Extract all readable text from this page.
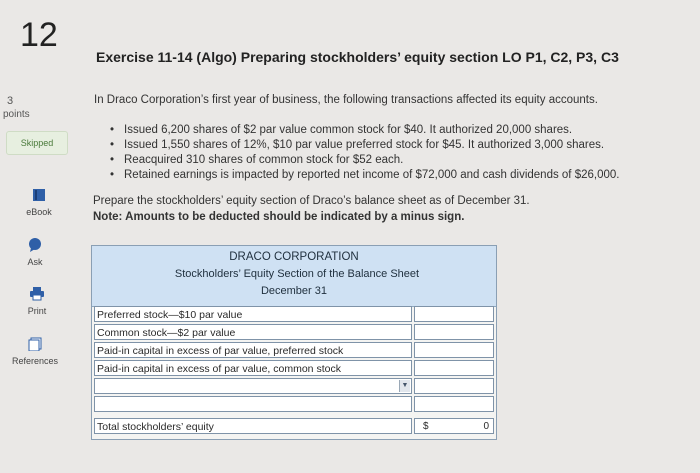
12
3
points
Skipped
eBook
Ask
Print
References
Exercise 11-14 (Algo) Preparing stockholders’ equity section LO P1, C2, P3, C3
In Draco Corporation’s first year of business, the following transactions affected its equity accounts.
• Issued 6,200 shares of $2 par value common stock for $40. It authorized 20,000 shares.
• Issued 1,550 shares of 12%, $10 par value preferred stock for $45. It authorized 3,000 shares.
• Reacquired 310 shares of common stock for $52 each.
• Retained earnings is impacted by reported net income of $72,000 and cash dividends of $26,000.
Prepare the stockholders’ equity section of Draco’s balance sheet as of December 31.
Note: Amounts to be deducted should be indicated by a minus sign.
DRACO CORPORATION
Stockholders’ Equity Section of the Balance Sheet
December 31
Preferred stock—$10 par value
Common stock—$2 par value
Paid-in capital in excess of par value, preferred stock
Paid-in capital in excess of par value, common stock
▼
Total stockholders’ equity	$	0
